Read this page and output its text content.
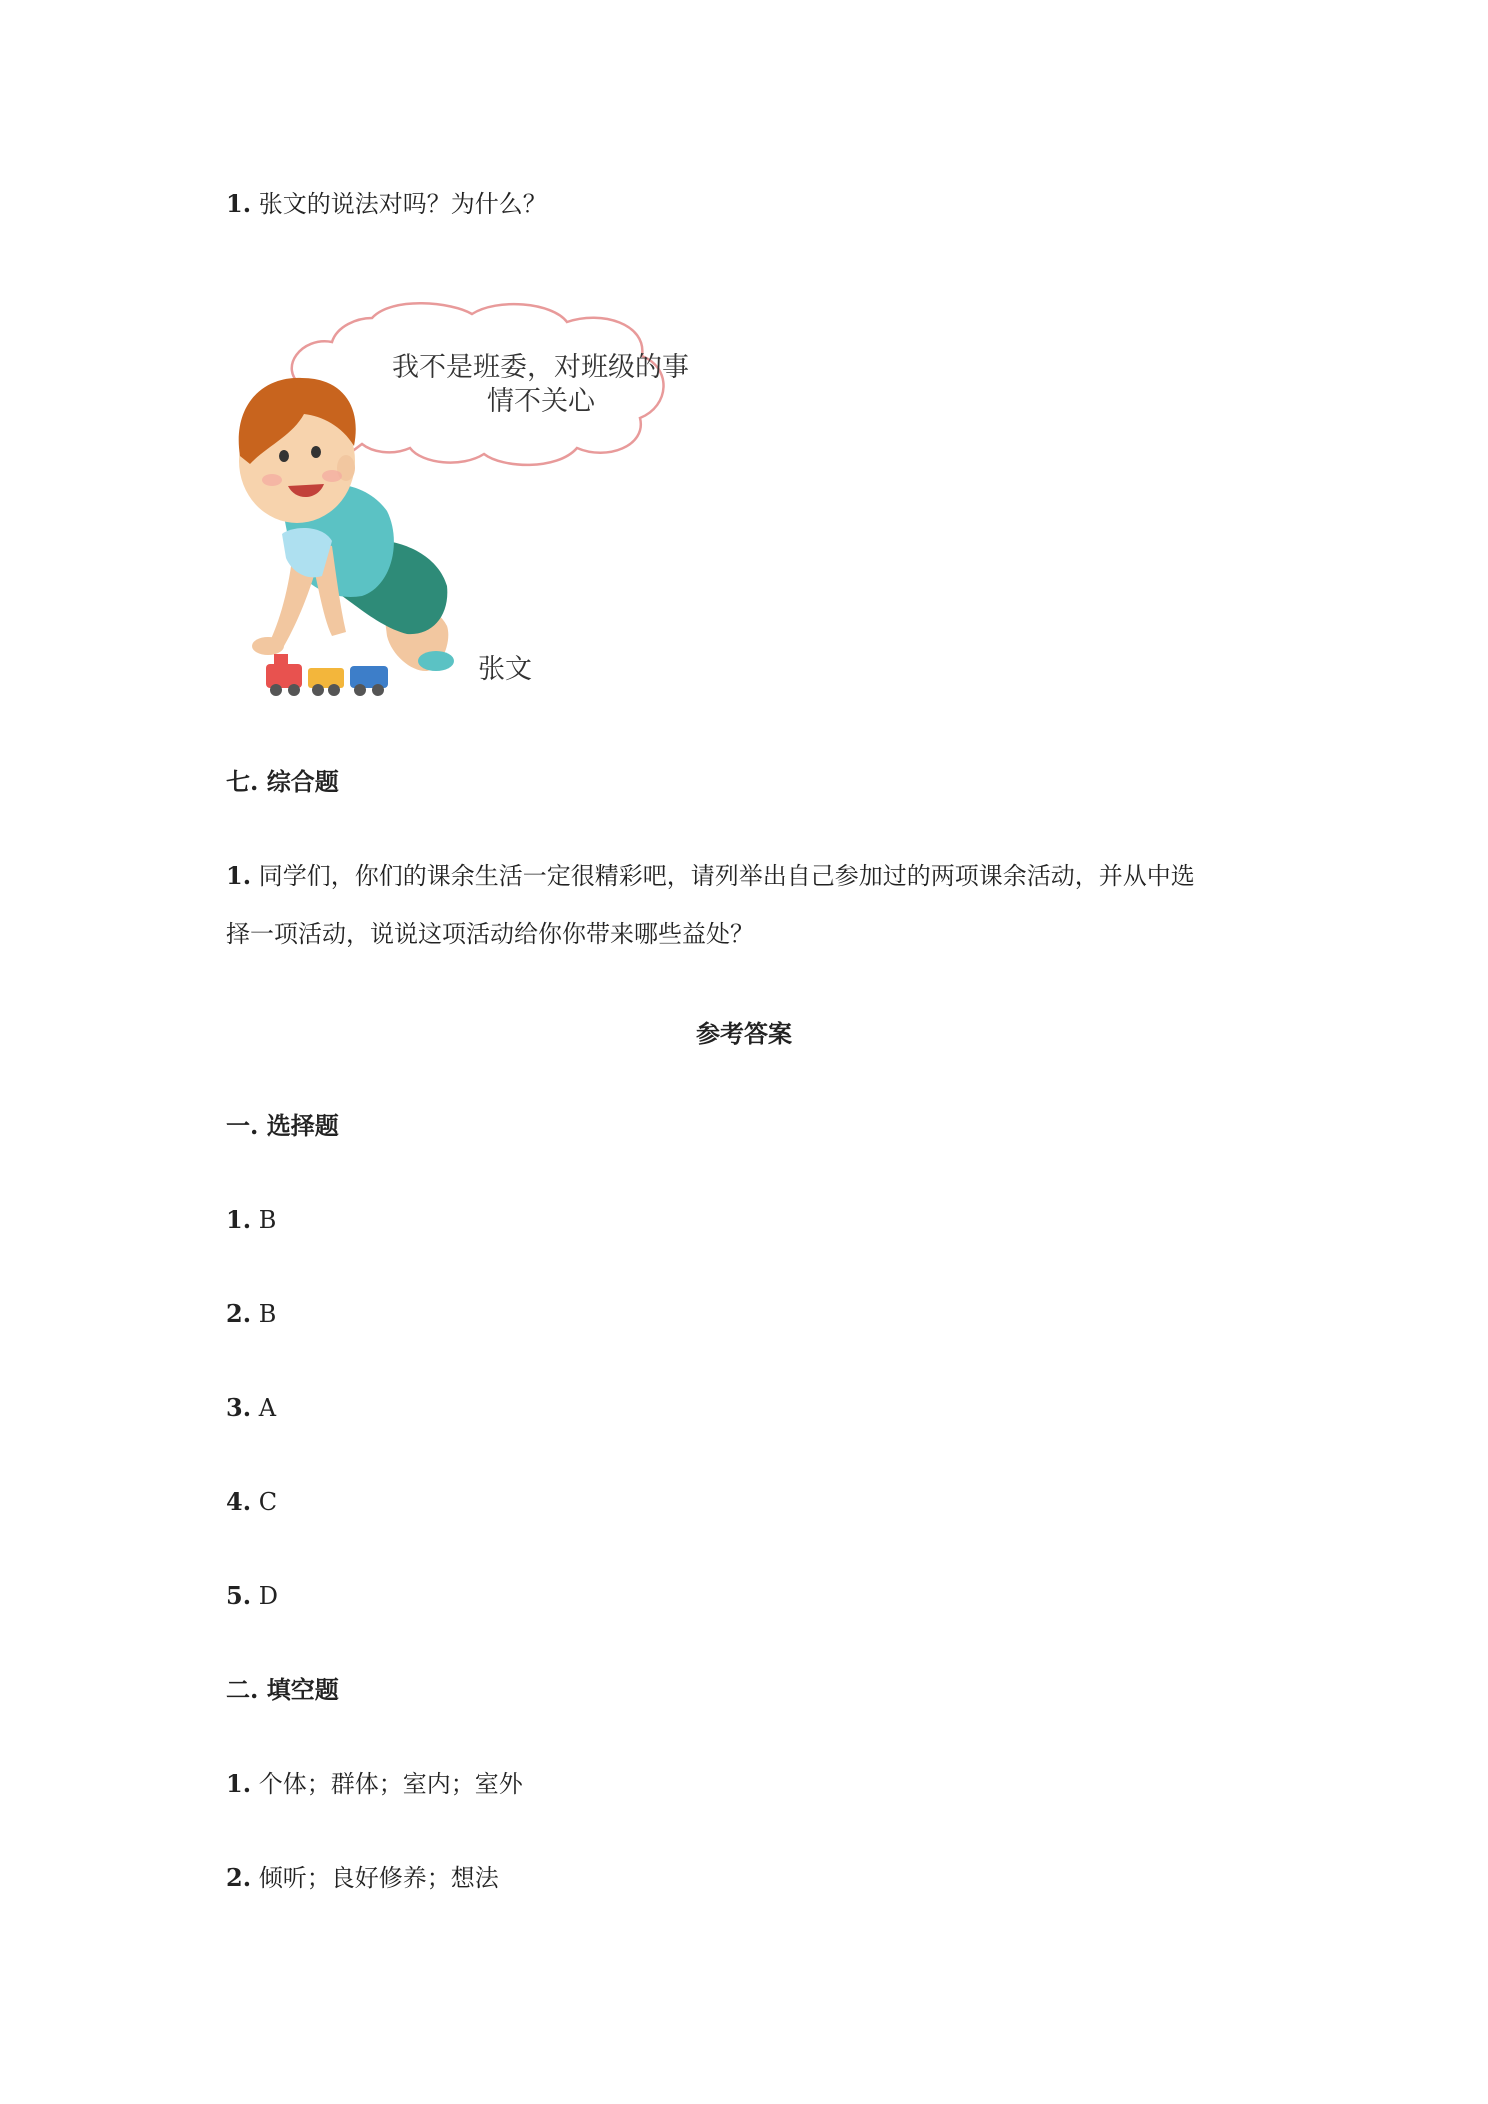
1. 张文的说法对吗？为什么？
我不是班委，对班级的事
情不关心
张文
七. 综合题
1. 同学们，你们的课余生活一定很精彩吧，请列举出自己参加过的两项课余活动，并从中选
择一项活动，说说这项活动给你你带来哪些益处？
参考答案
一. 选择题
1. B
2. B
3. A
4. C
5. D
二. 填空题
1. 个体；群体；室内；室外
2. 倾听；良好修养；想法
